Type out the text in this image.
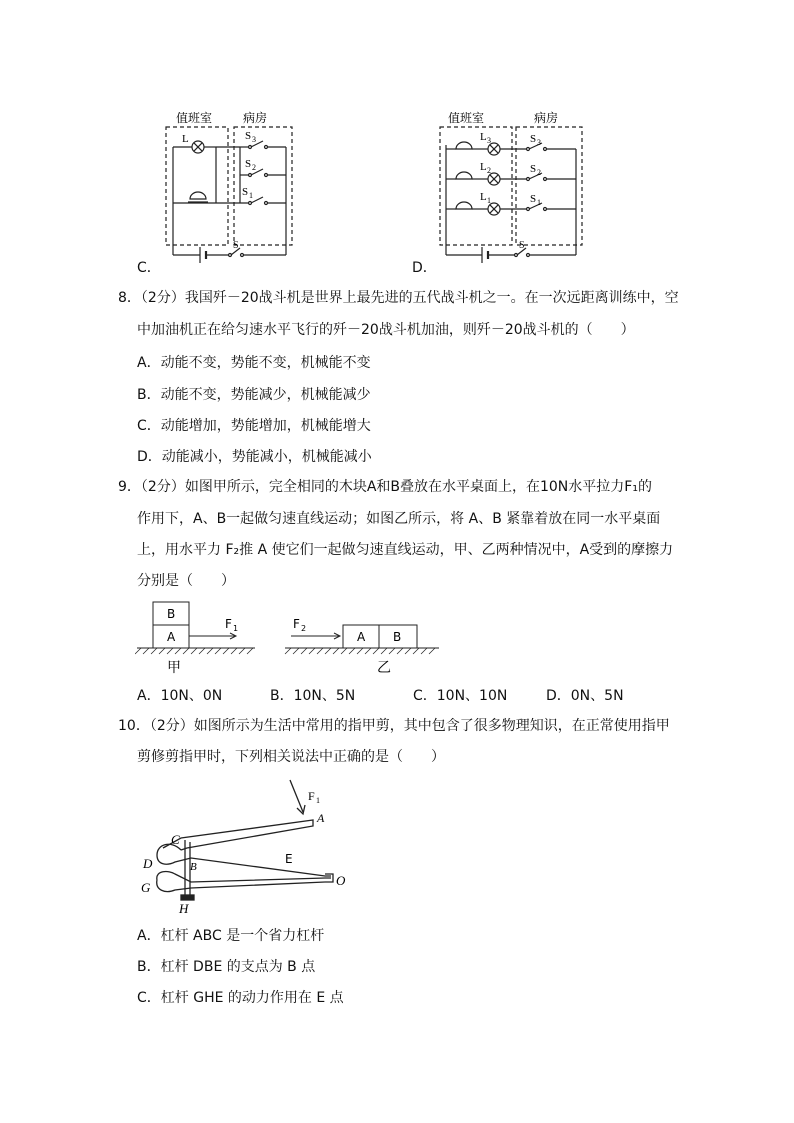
值班室	病房
L	S 3
S 2
S 1
S
C．
值班室	病房
L 3
L 2
L 1
S 3
S 2
S 1
S
D．
8．（2分）我国歼－20战斗机是世界上最先进的五代战斗机之一。在一次远距离训练中，空
中加油机正在给匀速水平飞行的歼－20战斗机加油，则歼－20战斗机的（　　）
A．动能不变，势能不变，机械能不变
B．动能不变，势能减少，机械能减少
C．动能增加，势能增加，机械能增大
D．动能减小，势能减小，机械能减小
9．（2分）如图甲所示，完全相同的木块A和B叠放在水平桌面上，在10N水平拉力F₁的
作用下，A、B一起做匀速直线运动；如图乙所示，将 A、B 紧靠着放在同一水平桌面
上，用水平力 F₂推 A 使它们一起做匀速直线运动，甲、乙两种情况中，A受到的摩擦力
分别是（　　）
B
A
F 1	F 2
A B
甲	乙
A．10N、0N	B．10N、5N	C．10N、10N	D．0N、5N
10．（2分）如图所示为生活中常用的指甲剪，其中包含了很多物理知识，在正常使用指甲
剪修剪指甲时，下列相关说法中正确的是（　　）
F 1
A
C
D	B
E
G	O
H
A．杠杆 ABC 是一个省力杠杆
B．杠杆 DBE 的支点为 B 点
C．杠杆 GHE 的动力作用在 E 点
